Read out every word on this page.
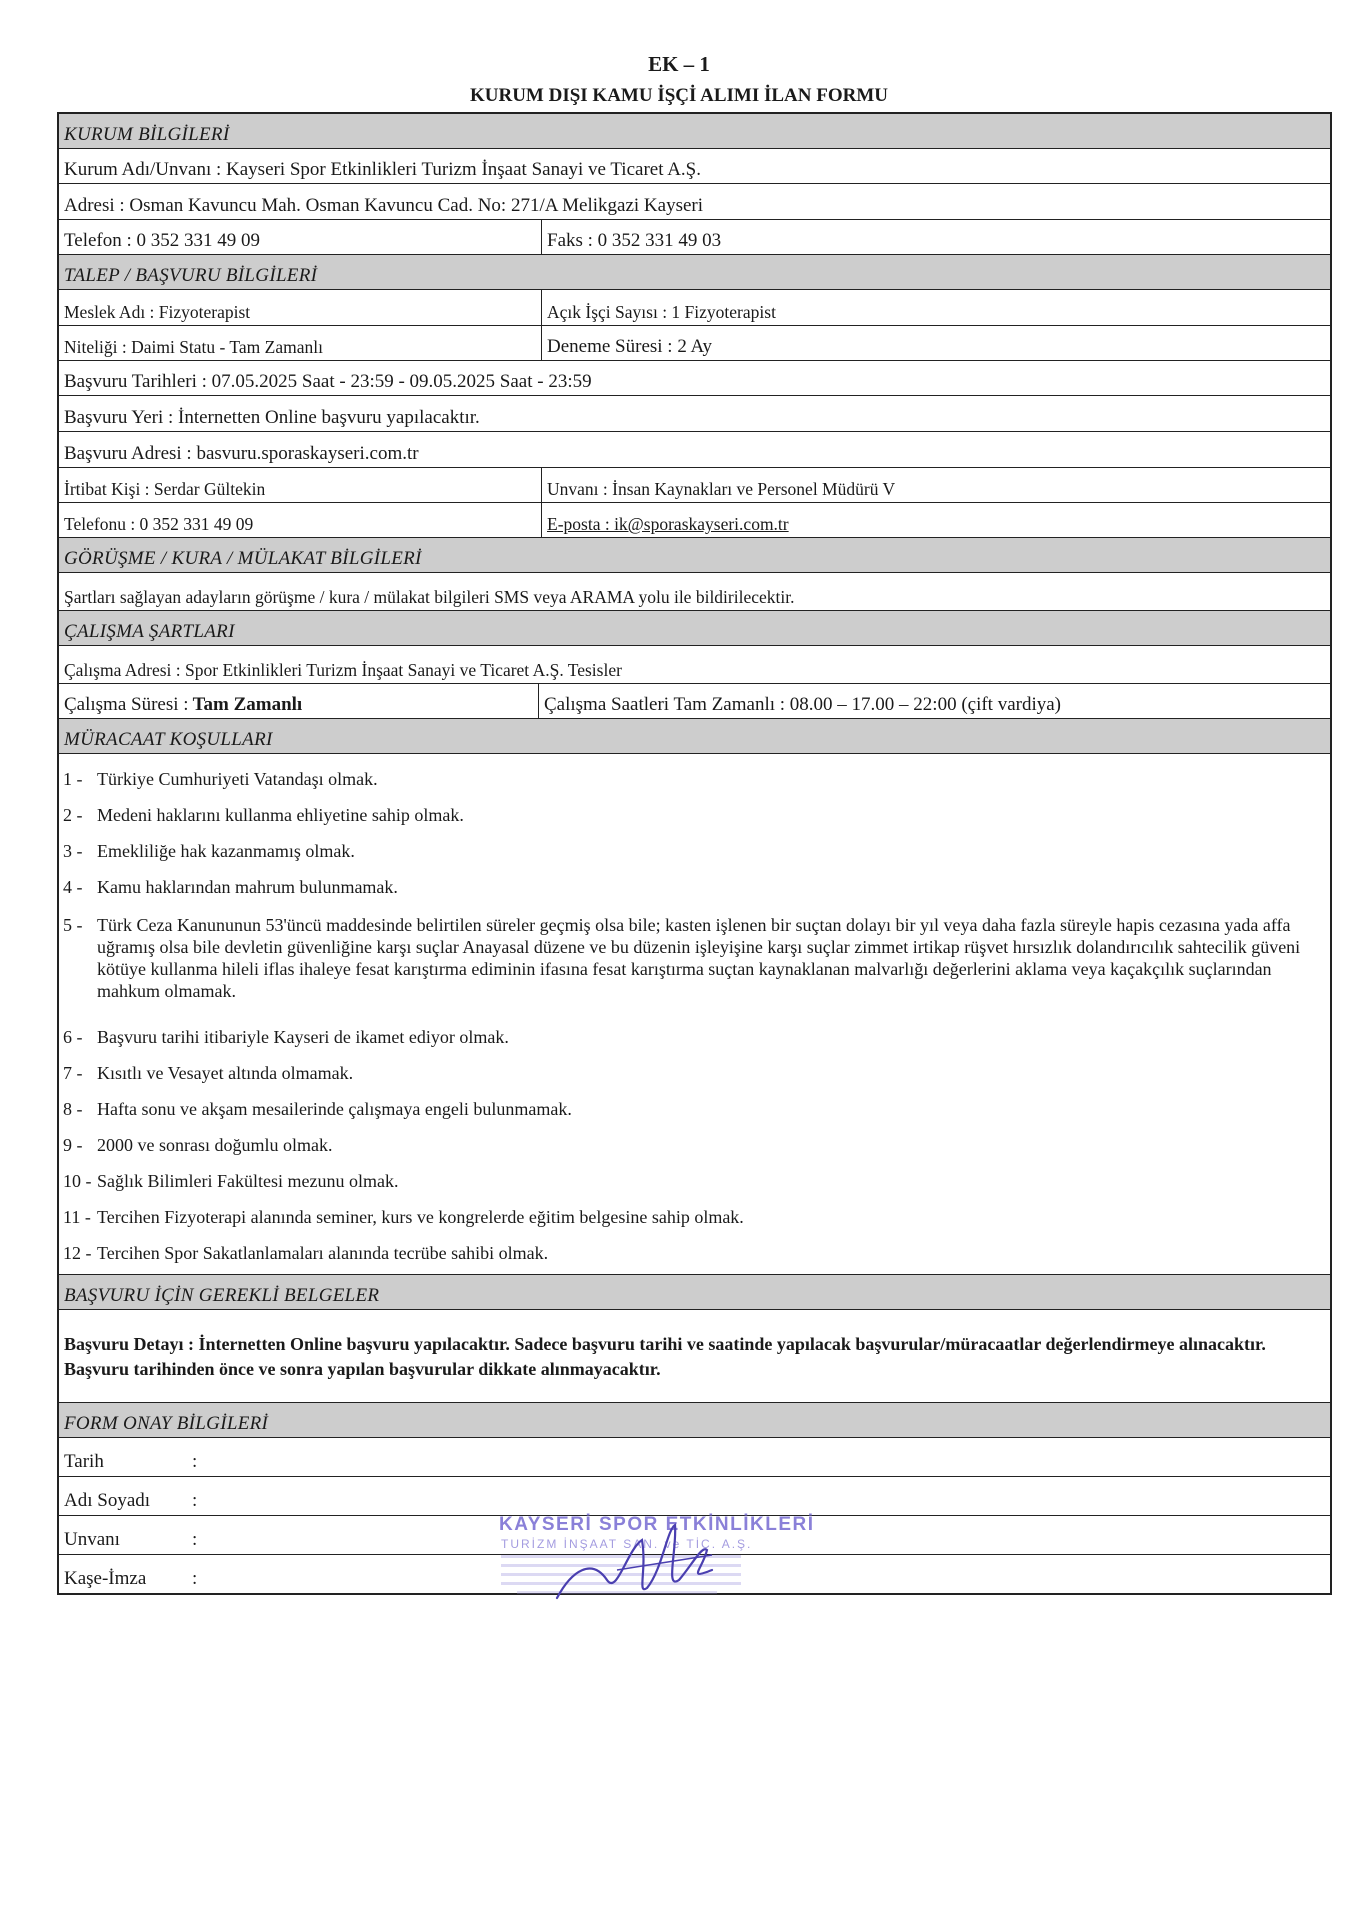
EK – 1
KURUM DIŞI KAMU İŞÇİ ALIMI İLAN FORMU
KURUM BİLGİLERİ
Kurum Adı/Unvanı : Kayseri Spor Etkinlikleri Turizm İnşaat Sanayi ve Ticaret A.Ş.
Adresi : Osman Kavuncu Mah. Osman Kavuncu Cad. No: 271/A Melikgazi Kayseri
Telefon : 0 352 331 49 09	Faks : 0 352 331 49 03
TALEP / BAŞVURU BİLGİLERİ
Meslek Adı : Fizyoterapist	Açık İşçi Sayısı : 1 Fizyoterapist
Niteliği : Daimi Statu - Tam Zamanlı	Deneme Süresi : 2 Ay
Başvuru Tarihleri : 07.05.2025 Saat - 23:59 - 09.05.2025 Saat - 23:59
Başvuru Yeri : İnternetten Online başvuru yapılacaktır.
Başvuru Adresi : basvuru.sporaskayseri.com.tr
İrtibat Kişi : Serdar Gültekin	Unvanı : İnsan Kaynakları ve Personel Müdürü V
Telefonu : 0 352 331 49 09	E-posta : ik@sporaskayseri.com.tr
GÖRÜŞME / KURA / MÜLAKAT BİLGİLERİ
Şartları sağlayan adayların görüşme / kura / mülakat bilgileri SMS veya ARAMA yolu ile bildirilecektir.
ÇALIŞMA ŞARTLARI
Çalışma Adresi : Spor Etkinlikleri Turizm İnşaat Sanayi ve Ticaret A.Ş. Tesisler
Çalışma Süresi : Tam Zamanlı	Çalışma Saatleri Tam Zamanlı : 08.00 – 17.00 – 22:00 (çift vardiya)
MÜRACAAT KOŞULLARI
1 - Türkiye Cumhuriyeti Vatandaşı olmak.
2 - Medeni haklarını kullanma ehliyetine sahip olmak.
3 - Emekliliğe hak kazanmamış olmak.
4 - Kamu haklarından mahrum bulunmamak.
5 - Türk Ceza Kanununun 53'üncü maddesinde belirtilen süreler geçmiş olsa bile; kasten işlenen bir suçtan dolayı bir yıl veya daha fazla süreyle hapis cezasına yada affa uğramış olsa bile devletin güvenliğine karşı suçlar Anayasal düzene ve bu düzenin işleyişine karşı suçlar zimmet irtikap rüşvet hırsızlık dolandırıcılık sahtecilik güveni kötüye kullanma hileli iflas ihaleye fesat karıştırma ediminin ifasına fesat karıştırma suçtan kaynaklanan malvarlığı değerlerini aklama veya kaçakçılık suçlarından mahkum olmamak.
6 - Başvuru tarihi itibariyle Kayseri de ikamet ediyor olmak.
7 - Kısıtlı ve Vesayet altında olmamak.
8 - Hafta sonu ve akşam mesailerinde çalışmaya engeli bulunmamak.
9 - 2000 ve sonrası doğumlu olmak.
10 - Sağlık Bilimleri Fakültesi mezunu olmak.
11 - Tercihen Fizyoterapi alanında seminer, kurs ve kongrelerde eğitim belgesine sahip olmak.
12 - Tercihen Spor Sakatlanlamaları alanında tecrübe sahibi olmak.
BAŞVURU İÇİN GEREKLİ BELGELER
Başvuru Detayı : İnternetten Online başvuru yapılacaktır. Sadece başvuru tarihi ve saatinde yapılacak başvurular/müracaatlar değerlendirmeye alınacaktır. Başvuru tarihinden önce ve sonra yapılan başvurular dikkate alınmayacaktır.
FORM ONAY BİLGİLERİ
Tarih	:
Adı Soyadı	:
Unvanı	:
Kaşe-İmza	:
KAYSERİ SPOR ETKİNLİKLERİ
TURİZM İNŞAAT SAN. ve TİC. A.Ş.
